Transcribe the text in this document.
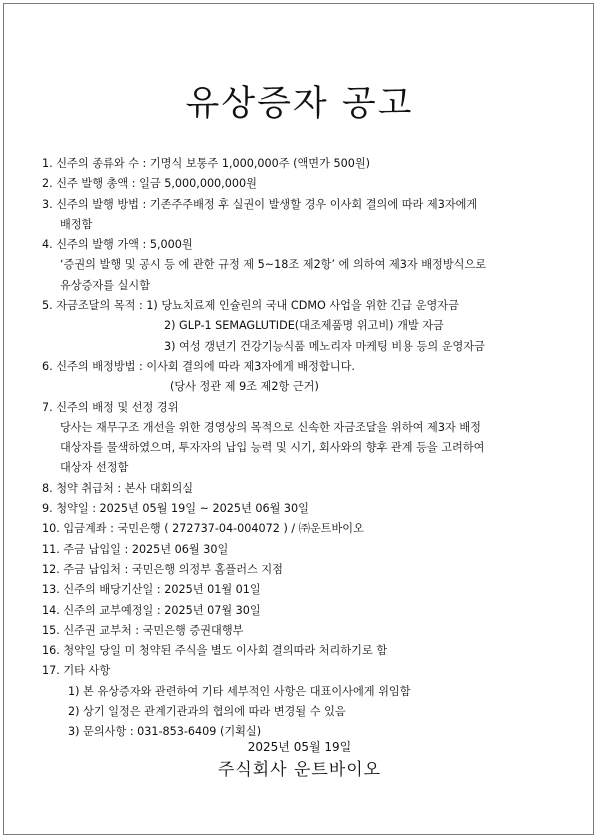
유상증자 공고
1. 신주의 종류와 수 : 기명식 보통주 1,000,000주 (액면가 500원)
2. 신주 발행 총액 : 일금 5,000,000,000원
3. 신주의 발행 방법 : 기존주주배정 후 실권이 발생할 경우 이사회 결의에 따라 제3자에게
배정함
4. 신주의 발행 가액 : 5,000원
‘증권의 발행 및 공시 등 에 관한 규정 제 5~18조 제2항’ 에 의하여 제3자 배정방식으로
유상증자를 실시함
5. 자금조달의 목적 : 1) 당뇨치료제 인슐린의 국내 CDMO 사업을 위한 긴급 운영자금
2) GLP-1 SEMAGLUTIDE(대조제품명 위고비) 개발 자금
3) 여성 갱년기 건강기능식품 메노리자 마케팅 비용 등의 운영자금
6. 신주의 배정방법 : 이사회 결의에 따라 제3자에게 배정합니다.
(당사 정관 제 9조 제2항 근거)
7. 신주의 배정 및 선정 경위
당사는 재무구조 개선을 위한 경영상의 목적으로 신속한 자금조달을 위하여 제3자 배정
대상자를 물색하였으며, 투자자의 납입 능력 및 시기, 회사와의 향후 관계 등을 고려하여
대상자 선정함
8. 청약 취급처 : 본사 대회의실
9. 청약일 : 2025년 05월 19일 ~ 2025년 06월 30일
10. 입금계좌 : 국민은행 ( 272737-04-004072 ) / ㈜운트바이오
11. 주금 납입일 : 2025년 06월 30일
12. 주금 납입처 : 국민은행 의정부 홈플러스 지점
13. 신주의 배당기산일 : 2025년 01월 01일
14. 신주의 교부예정일 : 2025년 07월 30일
15. 신주권 교부처 : 국민은행 증권대행부
16. 청약일 당일 미 청약된 주식을 별도 이사회 결의따라 처리하기로 함
17. 기타 사항
1) 본 유상증자와 관련하여 기타 세부적인 사항은 대표이사에게 위임함
2) 상기 일정은 관계기관과의 협의에 따라 변경될 수 있음
3) 문의사항 : 031-853-6409 (기획실)
2025년 05월 19일
주식회사 운트바이오
